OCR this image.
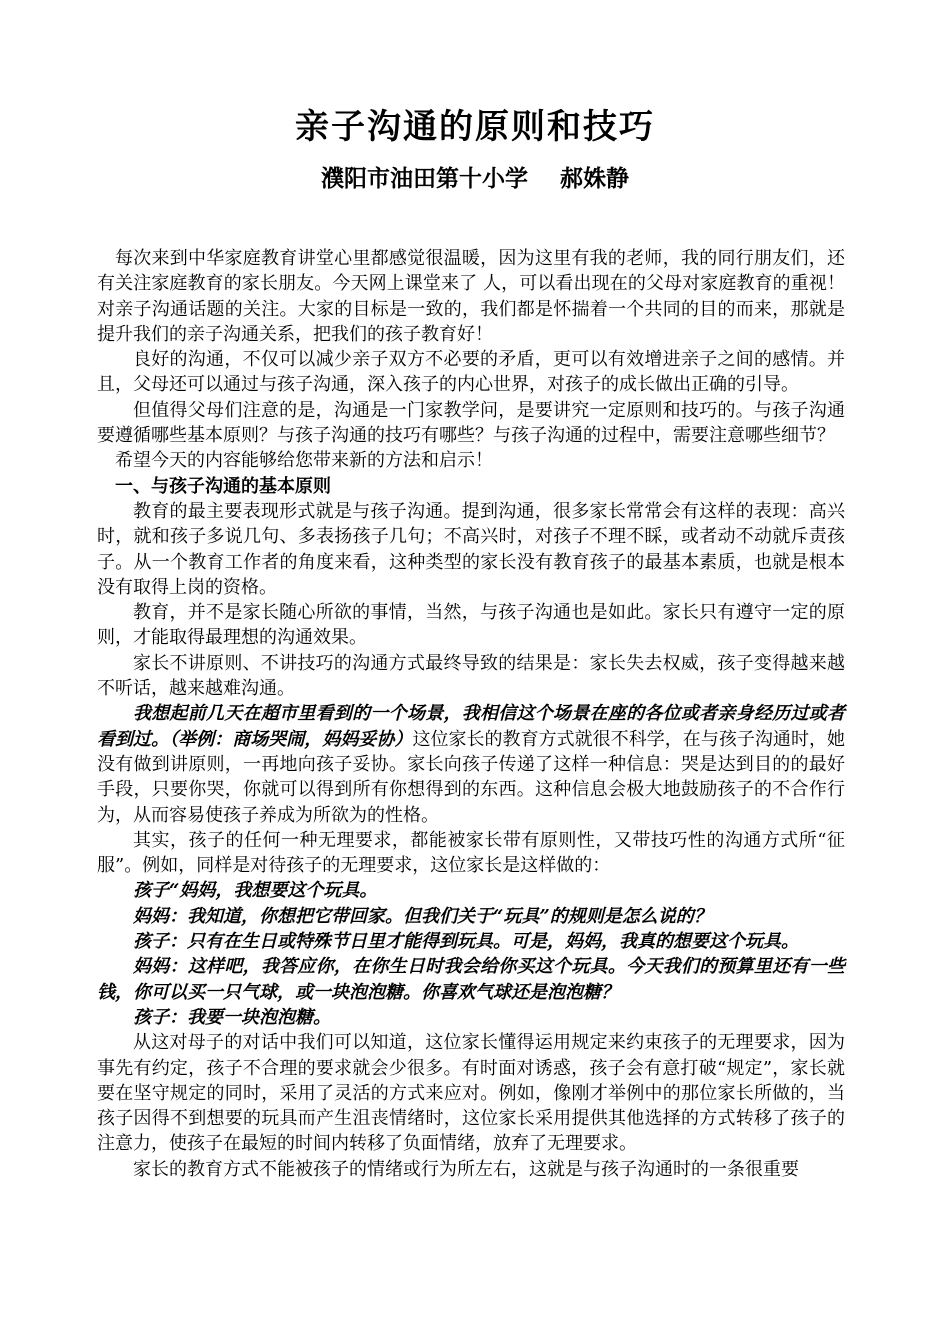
亲子沟通的原则和技巧
濮阳市油田第十小学    郝姝静

每次来到中华家庭教育讲堂心里都感觉很温暖，因为这里有我的老师，我的同行朋友们，还有关注家庭教育的家长朋友。今天网上课堂来了 人，可以看出现在的父母对家庭教育的重视！对亲子沟通话题的关注。大家的目标是一致的，我们都是怀揣着一个共同的目的而来，那就是提升我们的亲子沟通关系，把我们的孩子教育好！

良好的沟通，不仅可以减少亲子双方不必要的矛盾，更可以有效增进亲子之间的感情。并且，父母还可以通过与孩子沟通，深入孩子的内心世界，对孩子的成长做出正确的引导。

但值得父母们注意的是，沟通是一门家教学问，是要讲究一定原则和技巧的。与孩子沟通要遵循哪些基本原则？与孩子沟通的技巧有哪些？与孩子沟通的过程中，需要注意哪些细节？

希望今天的内容能够给您带来新的方法和启示！

一、与孩子沟通的基本原则

教育的最主要表现形式就是与孩子沟通。提到沟通，很多家长常常会有这样的表现：高兴时，就和孩子多说几句、多表扬孩子几句；不高兴时，对孩子不理不睬，或者动不动就斥责孩子。从一个教育工作者的角度来看，这种类型的家长没有教育孩子的最基本素质，也就是根本没有取得上岗的资格。

教育，并不是家长随心所欲的事情，当然，与孩子沟通也是如此。家长只有遵守一定的原则，才能取得最理想的沟通效果。

家长不讲原则、不讲技巧的沟通方式最终导致的结果是：家长失去权威，孩子变得越来越不听话，越来越难沟通。

我想起前几天在超市里看到的一个场景，我相信这个场景在座的各位或者亲身经历过或者看到过。（举例：商场哭闹，妈妈妥协）这位家长的教育方式就很不科学，在与孩子沟通时，她没有做到讲原则，一再地向孩子妥协。家长向孩子传递了这样一种信息：哭是达到目的的最好手段，只要你哭，你就可以得到所有你想得到的东西。这种信息会极大地鼓励孩子的不合作行为，从而容易使孩子养成为所欲为的性格。

其实，孩子的任何一种无理要求，都能被家长带有原则性，又带技巧性的沟通方式所“征服”。例如，同样是对待孩子的无理要求，这位家长是这样做的：

孩子“妈妈，我想要这个玩具。

妈妈：我知道，你想把它带回家。但我们关于“玩具”的规则是怎么说的？

孩子：只有在生日或特殊节日里才能得到玩具。可是，妈妈，我真的想要这个玩具。

妈妈：这样吧，我答应你，在你生日时我会给你买这个玩具。今天我们的预算里还有一些钱，你可以买一只气球，或一块泡泡糖。你喜欢气球还是泡泡糖？

孩子：我要一块泡泡糖。

从这对母子的对话中我们可以知道，这位家长懂得运用规定来约束孩子的无理要求，因为事先有约定，孩子不合理的要求就会少很多。有时面对诱惑，孩子会有意打破“规定”，家长就要在坚守规定的同时，采用了灵活的方式来应对。例如，像刚才举例中的那位家长所做的，当孩子因得不到想要的玩具而产生沮丧情绪时，这位家长采用提供其他选择的方式转移了孩子的注意力，使孩子在最短的时间内转移了负面情绪，放弃了无理要求。

家长的教育方式不能被孩子的情绪或行为所左右，这就是与孩子沟通时的一条很重要
